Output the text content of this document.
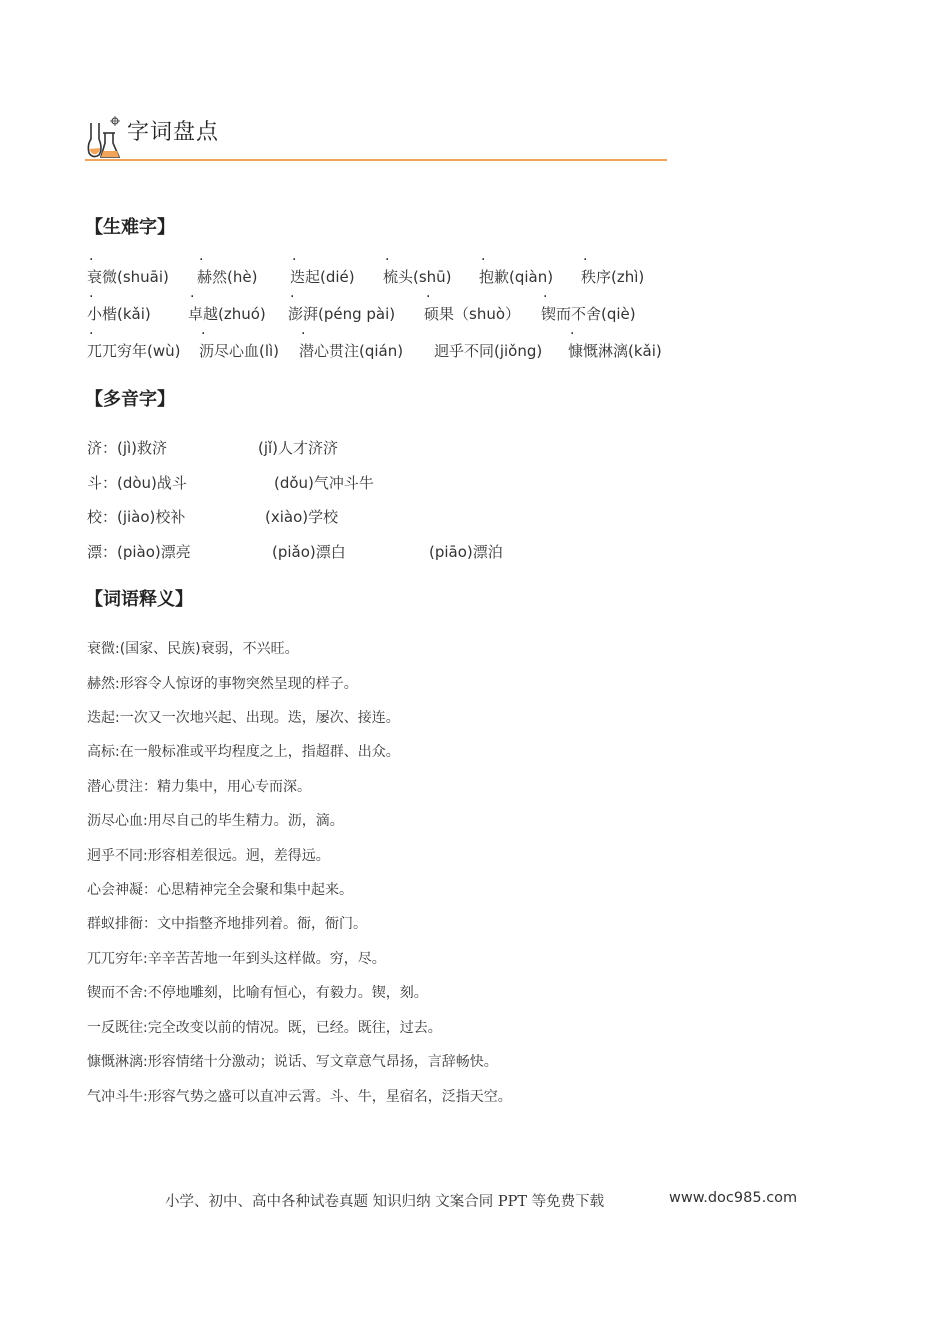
字词盘点
【生难字】
· 衰微(shuāi) · 赫然(hè) · 迭起(dié) · 梳头(shū) · 抱歉(qiàn) · 秩序(zhì)
· 小楷(kǎi) · 卓越(zhuó) · 澎湃(péng pài) · 硕果（shuò） · 锲而不舍(qiè)
· 兀兀穷年(wù) · 沥尽心血(lì) · 潜心贯注(qián) 迥乎不同(jiǒng) · 慷慨淋漓(kǎi)
【多音字】
济：(jì)救济	(jǐ)人才济济
斗：(dòu)战斗	(dǒu)气冲斗牛
校：(jiào)校补	(xiào)学校
漂：(piào)漂亮	(piǎo)漂白	(piāo)漂泊
【词语释义】
衰微:(国家、民族)衰弱，不兴旺。
赫然:形容令人惊讶的事物突然呈现的样子。
迭起:一次又一次地兴起、出现。迭，屡次、接连。
高标:在一般标准或平均程度之上，指超群、出众。
潜心贯注：精力集中，用心专而深。
沥尽心血:用尽自己的毕生精力。沥，滴。
迥乎不同:形容相差很远。迥，差得远。
心会神凝：心思精神完全会聚和集中起来。
群蚁排衙：文中指整齐地排列着。衙，衙门。
兀兀穷年:辛辛苦苦地一年到头这样做。穷，尽。
锲而不舍:不停地雕刻，比喻有恒心，有毅力。锲，刻。
一反既往:完全改变以前的情况。既，已经。既往，过去。
慷慨淋漓:形容情绪十分激动；说话、写文章意气昂扬，言辞畅快。
气冲斗牛:形容气势之盛可以直冲云霄。斗、牛，星宿名，泛指天空。
小学、初中、高中各种试卷真题 知识归纳 文案合同 PPT 等免费下载	www.doc985.com
